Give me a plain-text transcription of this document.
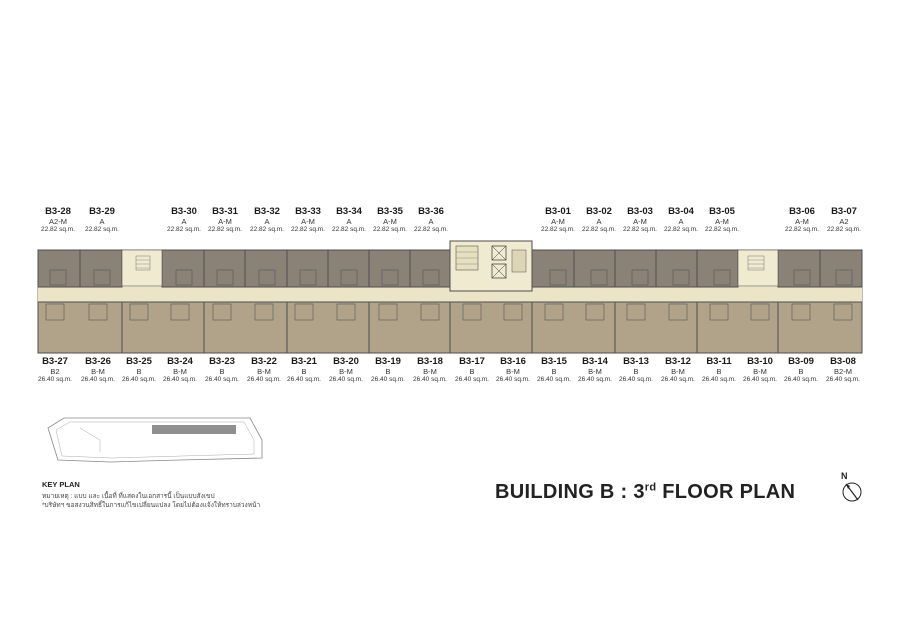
B3-28
A2-M
22.82 sq.m.
B3-29
A
22.82 sq.m.
B3-30
A
22.82 sq.m.
B3-31
A-M
22.82 sq.m.
B3-32
A
22.82 sq.m.
B3-33
A-M
22.82 sq.m.
B3-34
A
22.82 sq.m.
B3-35
A-M
22.82 sq.m.
B3-36
A
22.82 sq.m.
B3-01
A-M
22.82 sq.m.
B3-02
A
22.82 sq.m.
B3-03
A-M
22.82 sq.m.
B3-04
A
22.82 sq.m.
B3-05
A-M
22.82 sq.m.
B3-06
A-M
22.82 sq.m.
B3-07
A2
22.82 sq.m.
B3-27
B2
26.40 sq.m.
B3-26
B-M
26.40 sq.m.
B3-25
B
26.40 sq.m.
B3-24
B-M
26.40 sq.m.
B3-23
B
26.40 sq.m.
B3-22
B-M
26.40 sq.m.
B3-21
B
26.40 sq.m.
B3-20
B-M
26.40 sq.m.
B3-19
B
26.40 sq.m.
B3-18
B-M
26.40 sq.m.
B3-17
B
26.40 sq.m.
B3-16
B-M
26.40 sq.m.
B3-15
B
26.40 sq.m.
B3-14
B-M
26.40 sq.m.
B3-13
B
26.40 sq.m.
B3-12
B-M
26.40 sq.m.
B3-11
B
26.40 sq.m.
B3-10
B-M
26.40 sq.m.
B3-09
B
26.40 sq.m.
B3-08
B2-M
26.40 sq.m.
KEY PLAN
หมายเหตุ : แบบ และ เนื้อที่ ที่แสดงในเอกสารนี้ เป็นแบบสังเขป
*บริษัทฯ ขอสงวนสิทธิ์ในการแก้ไขเปลี่ยนแปลง โดยไม่ต้องแจ้งให้ทราบล่วงหน้า
BUILDING B : 3rd FLOOR PLAN
N
